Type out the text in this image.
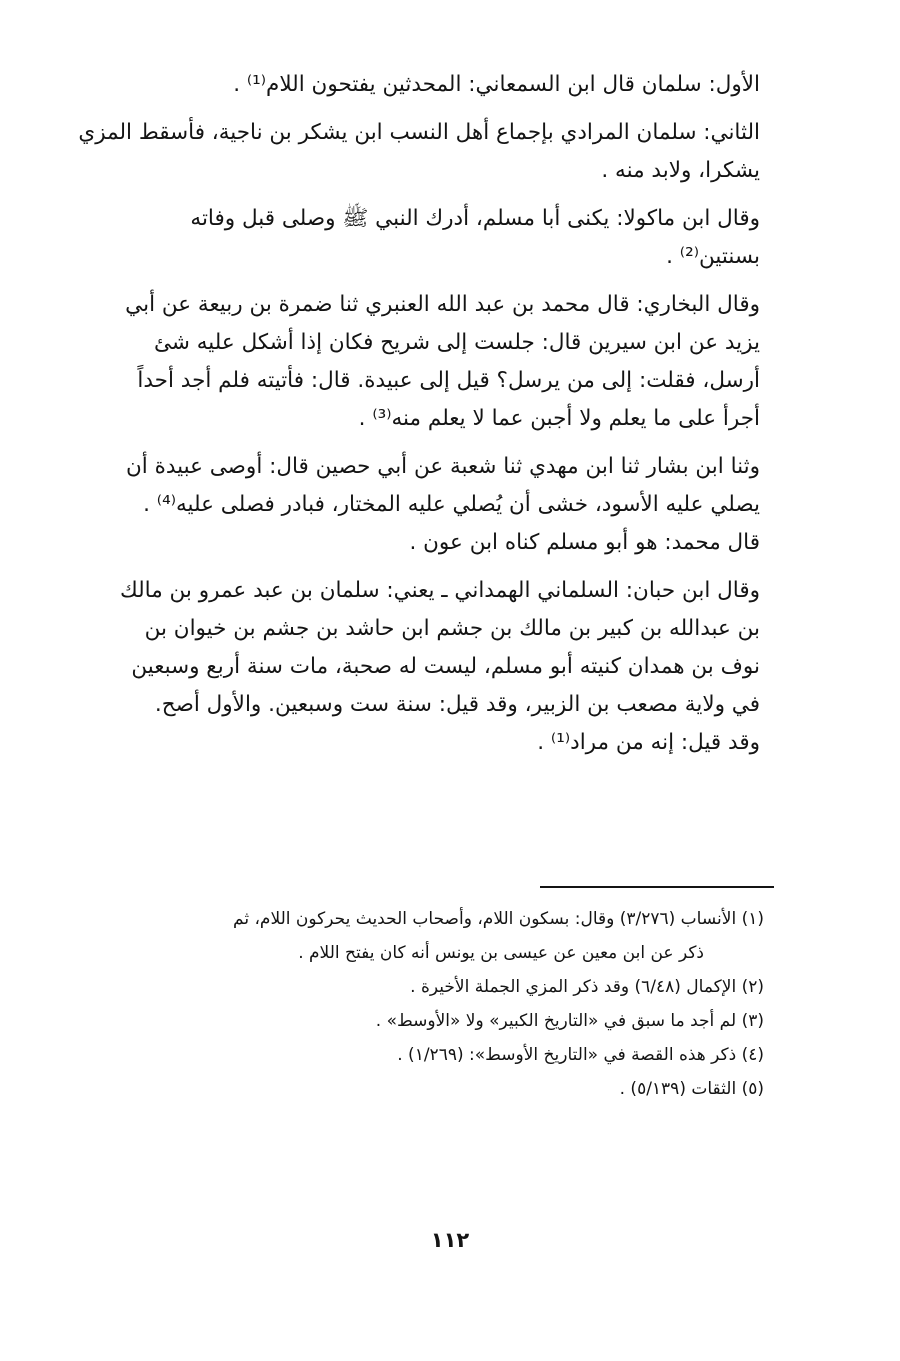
الأول: سلمان قال ابن السمعاني: المحدثين يفتحون اللام⁽¹⁾ .
الثاني: سلمان المرادي بإجماع أهل النسب ابن يشكر بن ناجية، فأسقط المزي
يشكرا، ولابد منه .
وقال ابن ماكولا: يكنى أبا مسلم، أدرك النبي ﷺ وصلى قبل وفاته
بسنتين⁽²⁾ .
وقال البخاري: قال محمد بن عبد الله العنبري ثنا ضمرة بن ربيعة عن أبي
يزيد عن ابن سيرين قال: جلست إلى شريح فكان إذا أشكل عليه شئ
أرسل، فقلت: إلى من يرسل؟ قيل إلى عبيدة. قال: فأتيته فلم أجد أحداً
أجرأ على ما يعلم ولا أجبن عما لا يعلم منه⁽³⁾ .
وثنا ابن بشار ثنا ابن مهدي ثنا شعبة عن أبي حصين قال: أوصى عبيدة أن
يصلي عليه الأسود، خشى أن يُصلي عليه المختار، فبادر فصلى عليه⁽⁴⁾ .
قال محمد: هو أبو مسلم كناه ابن عون .
وقال ابن حبان: السلماني الهمداني ـ يعني: سلمان بن عبد عمرو بن مالك
بن عبدالله بن كبير بن مالك بن جشم ابن حاشد بن جشم بن خيوان بن
نوف بن همدان كنيته أبو مسلم، ليست له صحبة، مات سنة أربع وسبعين
في ولاية مصعب بن الزبير، وقد قيل: سنة ست وسبعين. والأول أصح.
وقد قيل: إنه من مراد⁽¹⁾ .

(١) الأنساب (٣/٢٧٦) وقال: بسكون اللام، وأصحاب الحديث يحركون اللام، ثم

ذكر عن ابن معين عن عيسى بن يونس أنه كان يفتح اللام .

(٢) الإكمال (٦/٤٨) وقد ذكر المزي الجملة الأخيرة .

(٣) لم أجد ما سبق في «التاريخ الكبير» ولا «الأوسط» .

(٤) ذكر هذه القصة في «التاريخ الأوسط»: (١/٢٦٩) .

(٥) الثقات (٥/١٣٩) .

١١٢
